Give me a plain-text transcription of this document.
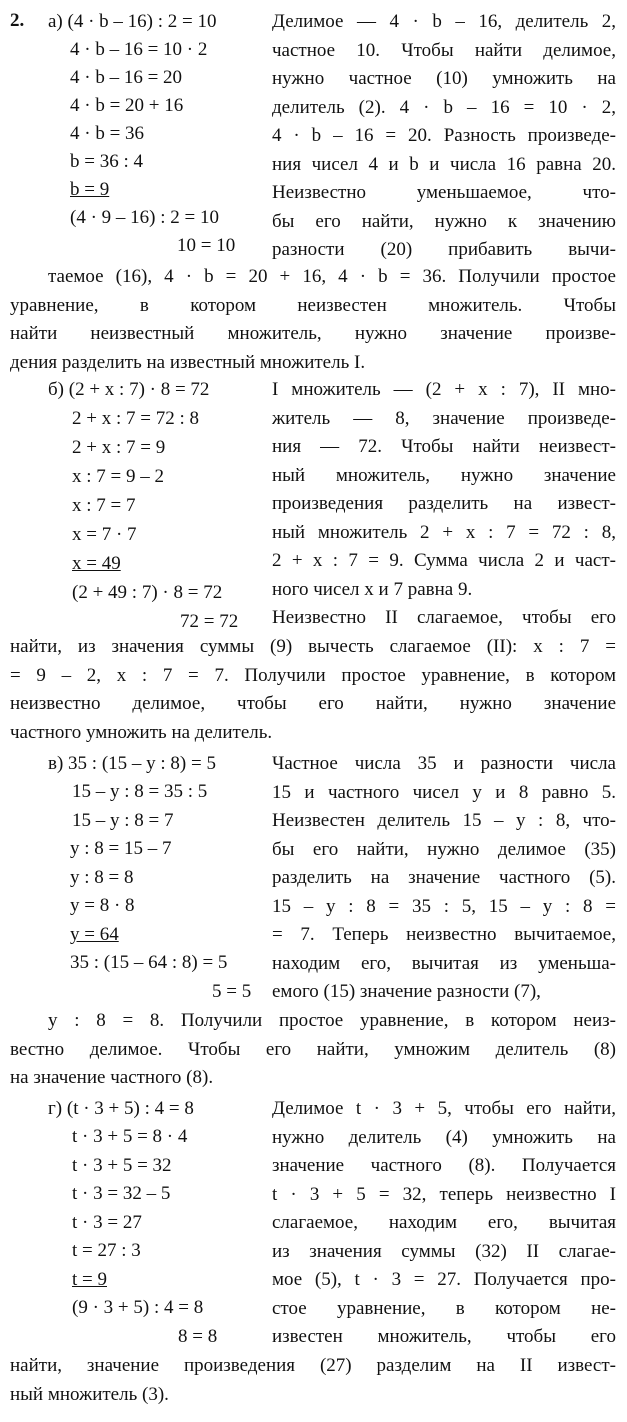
2. а) (4 · b – 16) : 2 = 10
4 · b – 16 = 10 · 2
4 · b – 16 = 20
4 · b = 20 + 16
4 · b = 36
b = 36 : 4
b = 9
(4 · 9 – 16) : 2 = 10
10 = 10

Делимое — 4 · b – 16, делитель 2,

частное 10. Чтобы найти делимое,

нужно частное (10) умножить на

делитель (2). 4 · b – 16 = 10 · 2,

4 · b – 16 = 20. Разность произведе-

ния чисел 4 и b и числа 16 равна 20.

Неизвестно уменьшаемое, что-

бы его найти, нужно к значению

разности (20) прибавить вычи-

таемое (16), 4 · b = 20 + 16, 4 · b = 36. Получили простое

уравнение, в котором неизвестен множитель. Чтобы

найти неизвестный множитель, нужно значение произве-

дения разделить на известный множитель I.

б) (2 + x : 7) · 8 = 72
2 + x : 7 = 72 : 8
2 + x : 7 = 9
x : 7 = 9 – 2
x : 7 = 7
x = 7 · 7
x = 49
(2 + 49 : 7) · 8 = 72
72 = 72

I множитель — (2 + x : 7), II мно-

житель — 8, значение произведе-

ния — 72. Чтобы найти неизвест-

ный множитель, нужно значение

произведения разделить на извест-

ный множитель 2 + x : 7 = 72 : 8,

2 + x : 7 = 9. Сумма числа 2 и част-

ного чисел x и 7 равна 9.

Неизвестно II слагаемое, чтобы его

найти, из значения суммы (9) вычесть слагаемое (II): x : 7 =

= 9 – 2, x : 7 = 7. Получили простое уравнение, в котором

неизвестно делимое, чтобы его найти, нужно значение

частного умножить на делитель.

в) 35 : (15 – y : 8) = 5
15 – y : 8 = 35 : 5
15 – y : 8 = 7
y : 8 = 15 – 7
y : 8 = 8
y = 8 · 8
y = 64
35 : (15 – 64 : 8) = 5
5 = 5

Частное числа 35 и разности числа

15 и частного чисел y и 8 равно 5.

Неизвестен делитель 15 – y : 8, что-

бы его найти, нужно делимое (35)

разделить на значение частного (5).

15 – y : 8 = 35 : 5, 15 – y : 8 =

= 7. Теперь неизвестно вычитаемое,

находим его, вычитая из уменьша-

емого (15) значение разности (7),

y : 8 = 8. Получили простое уравнение, в котором неиз-

вестно делимое. Чтобы его найти, умножим делитель (8)

на значение частного (8).

г) (t · 3 + 5) : 4 = 8
t · 3 + 5 = 8 · 4
t · 3 + 5 = 32
t · 3 = 32 – 5
t · 3 = 27
t = 27 : 3
t = 9
(9 · 3 + 5) : 4 = 8
8 = 8

Делимое t · 3 + 5, чтобы его найти,

нужно делитель (4) умножить на

значение частного (8). Получается

t · 3 + 5 = 32, теперь неизвестно I

слагаемое, находим его, вычитая

из значения суммы (32) II слагае-

мое (5), t · 3 = 27. Получается про-

стое уравнение, в котором не-

известен множитель, чтобы его

найти, значение произведения (27) разделим на II извест-

ный множитель (3).
